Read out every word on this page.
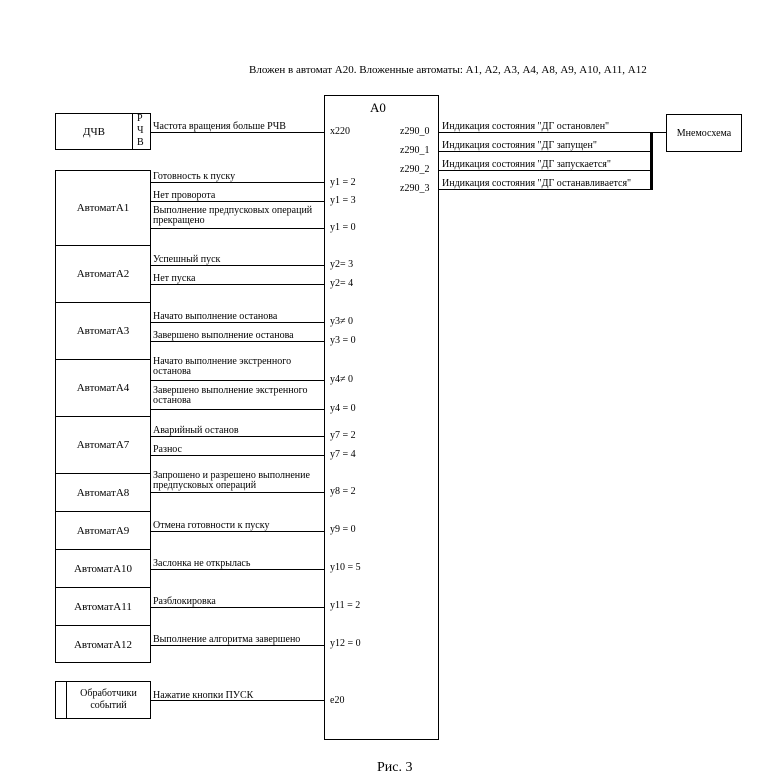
Вложен в автомат А20. Вложенные автоматы: А1, А2, А3, А4, А8, А9, А10, А11, А12
А0
ДЧВ
Р
Ч
В
Частота вращения больше РЧВ	x220
АвтоматА1
АвтоматА2
АвтоматА3
АвтоматА4
АвтоматА7
АвтоматА8
АвтоматА9
АвтоматА10
АвтоматА11
АвтоматА12
Готовность к пуску
y1 = 2
Нет проворота	y1 = 3
Выполнение предпусковых операций прекращено
y1 = 0
Успешный пуск	y2= 3
Нет пуска	y2= 4
Начато выполнение останова	y3≠ 0
Завершено выполнение останова	y3 = 0
Начато выполнение экстренного останова
y4≠ 0
Завершено выполнение экстренного останова
y4 = 0
Аварийный останов	y7 = 2
Разнос	y7 = 4
Запрошено и разрешено выполнение предпусковых операций
y8 = 2
Отмена готовности к пуску	y9 = 0
Заслонка не открылась	y10 = 5
Разблокировка	y11 = 2
Выполнение алгоритма завершено	y12 = 0
Обработчики событий
Нажатие кнопки ПУСК	e20
z290_0 Индикация состояния "ДГ остановлен"
z290_1 Индикация состояния "ДГ запущен"
z290_2 Индикация состояния "ДГ запускается"
z290_3 Индикация состояния "ДГ останавливается"
Мнемосхема
Рис. 3
